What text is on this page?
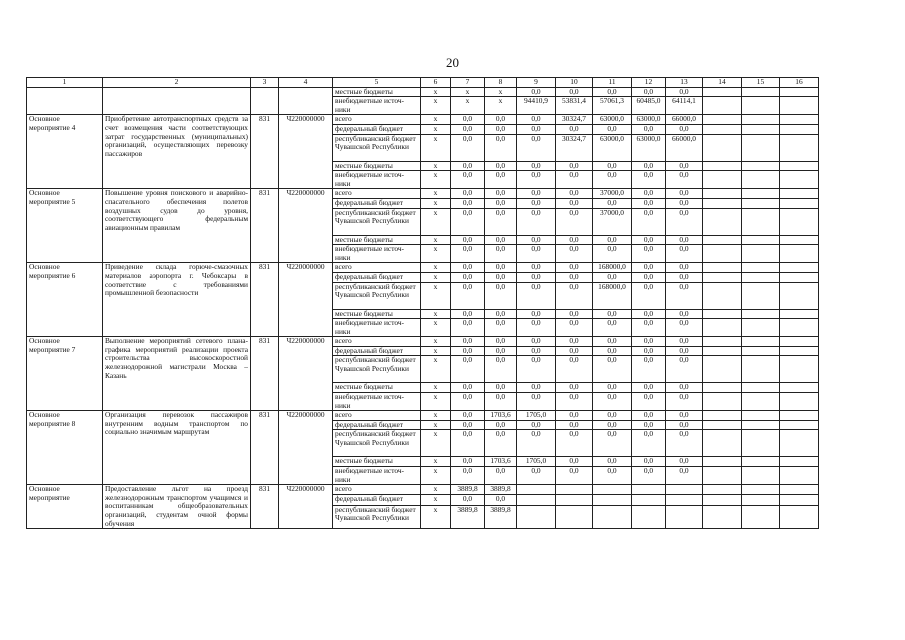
20
1	2	3	4	5	6	7	8	9	10	11	12	13	14	15	16
				местные бюджеты	x	x	x	0,0	0,0	0,0	0,0	0,0			
				внебюджетные источ-ники	x	x	x	94410,9	53831,4	57061,3	60485,0	64114,1			
Основное мероприятие 4	Приобретение автотранспортных средств за счет возмещения части соответствующих затрат государственных (муниципальных) организаций, осуществляющих перевозку пассажиров	831	Ч220000000	всего	x	0,0	0,0	0,0	30324,7	63000,0	63000,0	66000,0			
				федеральный бюджет	x	0,0	0,0	0,0	0,0	0,0	0,0	0,0			
				республиканский бюджет Чувашской Республики	x	0,0	0,0	0,0	30324,7	63000,0	63000,0	66000,0			
				местные бюджеты	x	0,0	0,0	0,0	0,0	0,0	0,0	0,0			
				внебюджетные источ-ники	x	0,0	0,0	0,0	0,0	0,0	0,0	0,0			
Основное мероприятие 5	Повышение уровня поискового и аварийно-спасательного обеспечения полетов воздушных судов до уровня, соответствующего федеральным авиационным правилам	831	Ч220000000	всего	x	0,0	0,0	0,0	0,0	37000,0	0,0	0,0			
				федеральный бюджет	x	0,0	0,0	0,0	0,0	0,0	0,0	0,0			
				республиканский бюджет Чувашской Республики	x	0,0	0,0	0,0	0,0	37000,0	0,0	0,0			
				местные бюджеты	x	0,0	0,0	0,0	0,0	0,0	0,0	0,0			
				внебюджетные источ-ники	x	0,0	0,0	0,0	0,0	0,0	0,0	0,0			
Основное мероприятие 6	Приведение склада горюче-смазочных материалов аэропорта г. Чебоксары в соответствие с требованиями промышленной безопасности	831	Ч220000000	всего	x	0,0	0,0	0,0	0,0	168000,0	0,0	0,0			
				федеральный бюджет	x	0,0	0,0	0,0	0,0	0,0	0,0	0,0			
				республиканский бюджет Чувашской Республики	x	0,0	0,0	0,0	0,0	168000,0	0,0	0,0			
				местные бюджеты	x	0,0	0,0	0,0	0,0	0,0	0,0	0,0			
				внебюджетные источ-ники	x	0,0	0,0	0,0	0,0	0,0	0,0	0,0			
Основное мероприятие 7	Выполнение мероприятий сетевого плана-графика мероприятий реализации проекта строительства высокоскоростной железнодорожной магистрали Москва – Казань	831	Ч220000000	всего	x	0,0	0,0	0,0	0,0	0,0	0,0	0,0			
				федеральный бюджет	x	0,0	0,0	0,0	0,0	0,0	0,0	0,0			
				республиканский бюджет Чувашской Республики	x	0,0	0,0	0,0	0,0	0,0	0,0	0,0			
				местные бюджеты	x	0,0	0,0	0,0	0,0	0,0	0,0	0,0			
				внебюджетные источ-ники	x	0,0	0,0	0,0	0,0	0,0	0,0	0,0			
Основное мероприятие 8	Организация перевозок пассажиров внутренним водным транспортом по социально значимым маршрутам	831	Ч220000000	всего	x	0,0	1703,6	1705,0	0,0	0,0	0,0	0,0			
				федеральный бюджет	x	0,0	0,0	0,0	0,0	0,0	0,0	0,0			
				республиканский бюджет Чувашской Республики	x	0,0	0,0	0,0	0,0	0,0	0,0	0,0			
				местные бюджеты	x	0,0	1703,6	1705,0	0,0	0,0	0,0	0,0			
				внебюджетные источ-ники	x	0,0	0,0	0,0	0,0	0,0	0,0	0,0			
Основное мероприятие	Предоставление льгот на проезд железнодорожным транспортом учащимся и воспитанникам общеобразовательных организаций, студентам очной формы обучения	831	Ч220000000	всего	x	3889,8	3889,8								
				федеральный бюджет	x	0,0	0,0								
				республиканский бюджет Чувашской Республики	x	3889,8	3889,8								
